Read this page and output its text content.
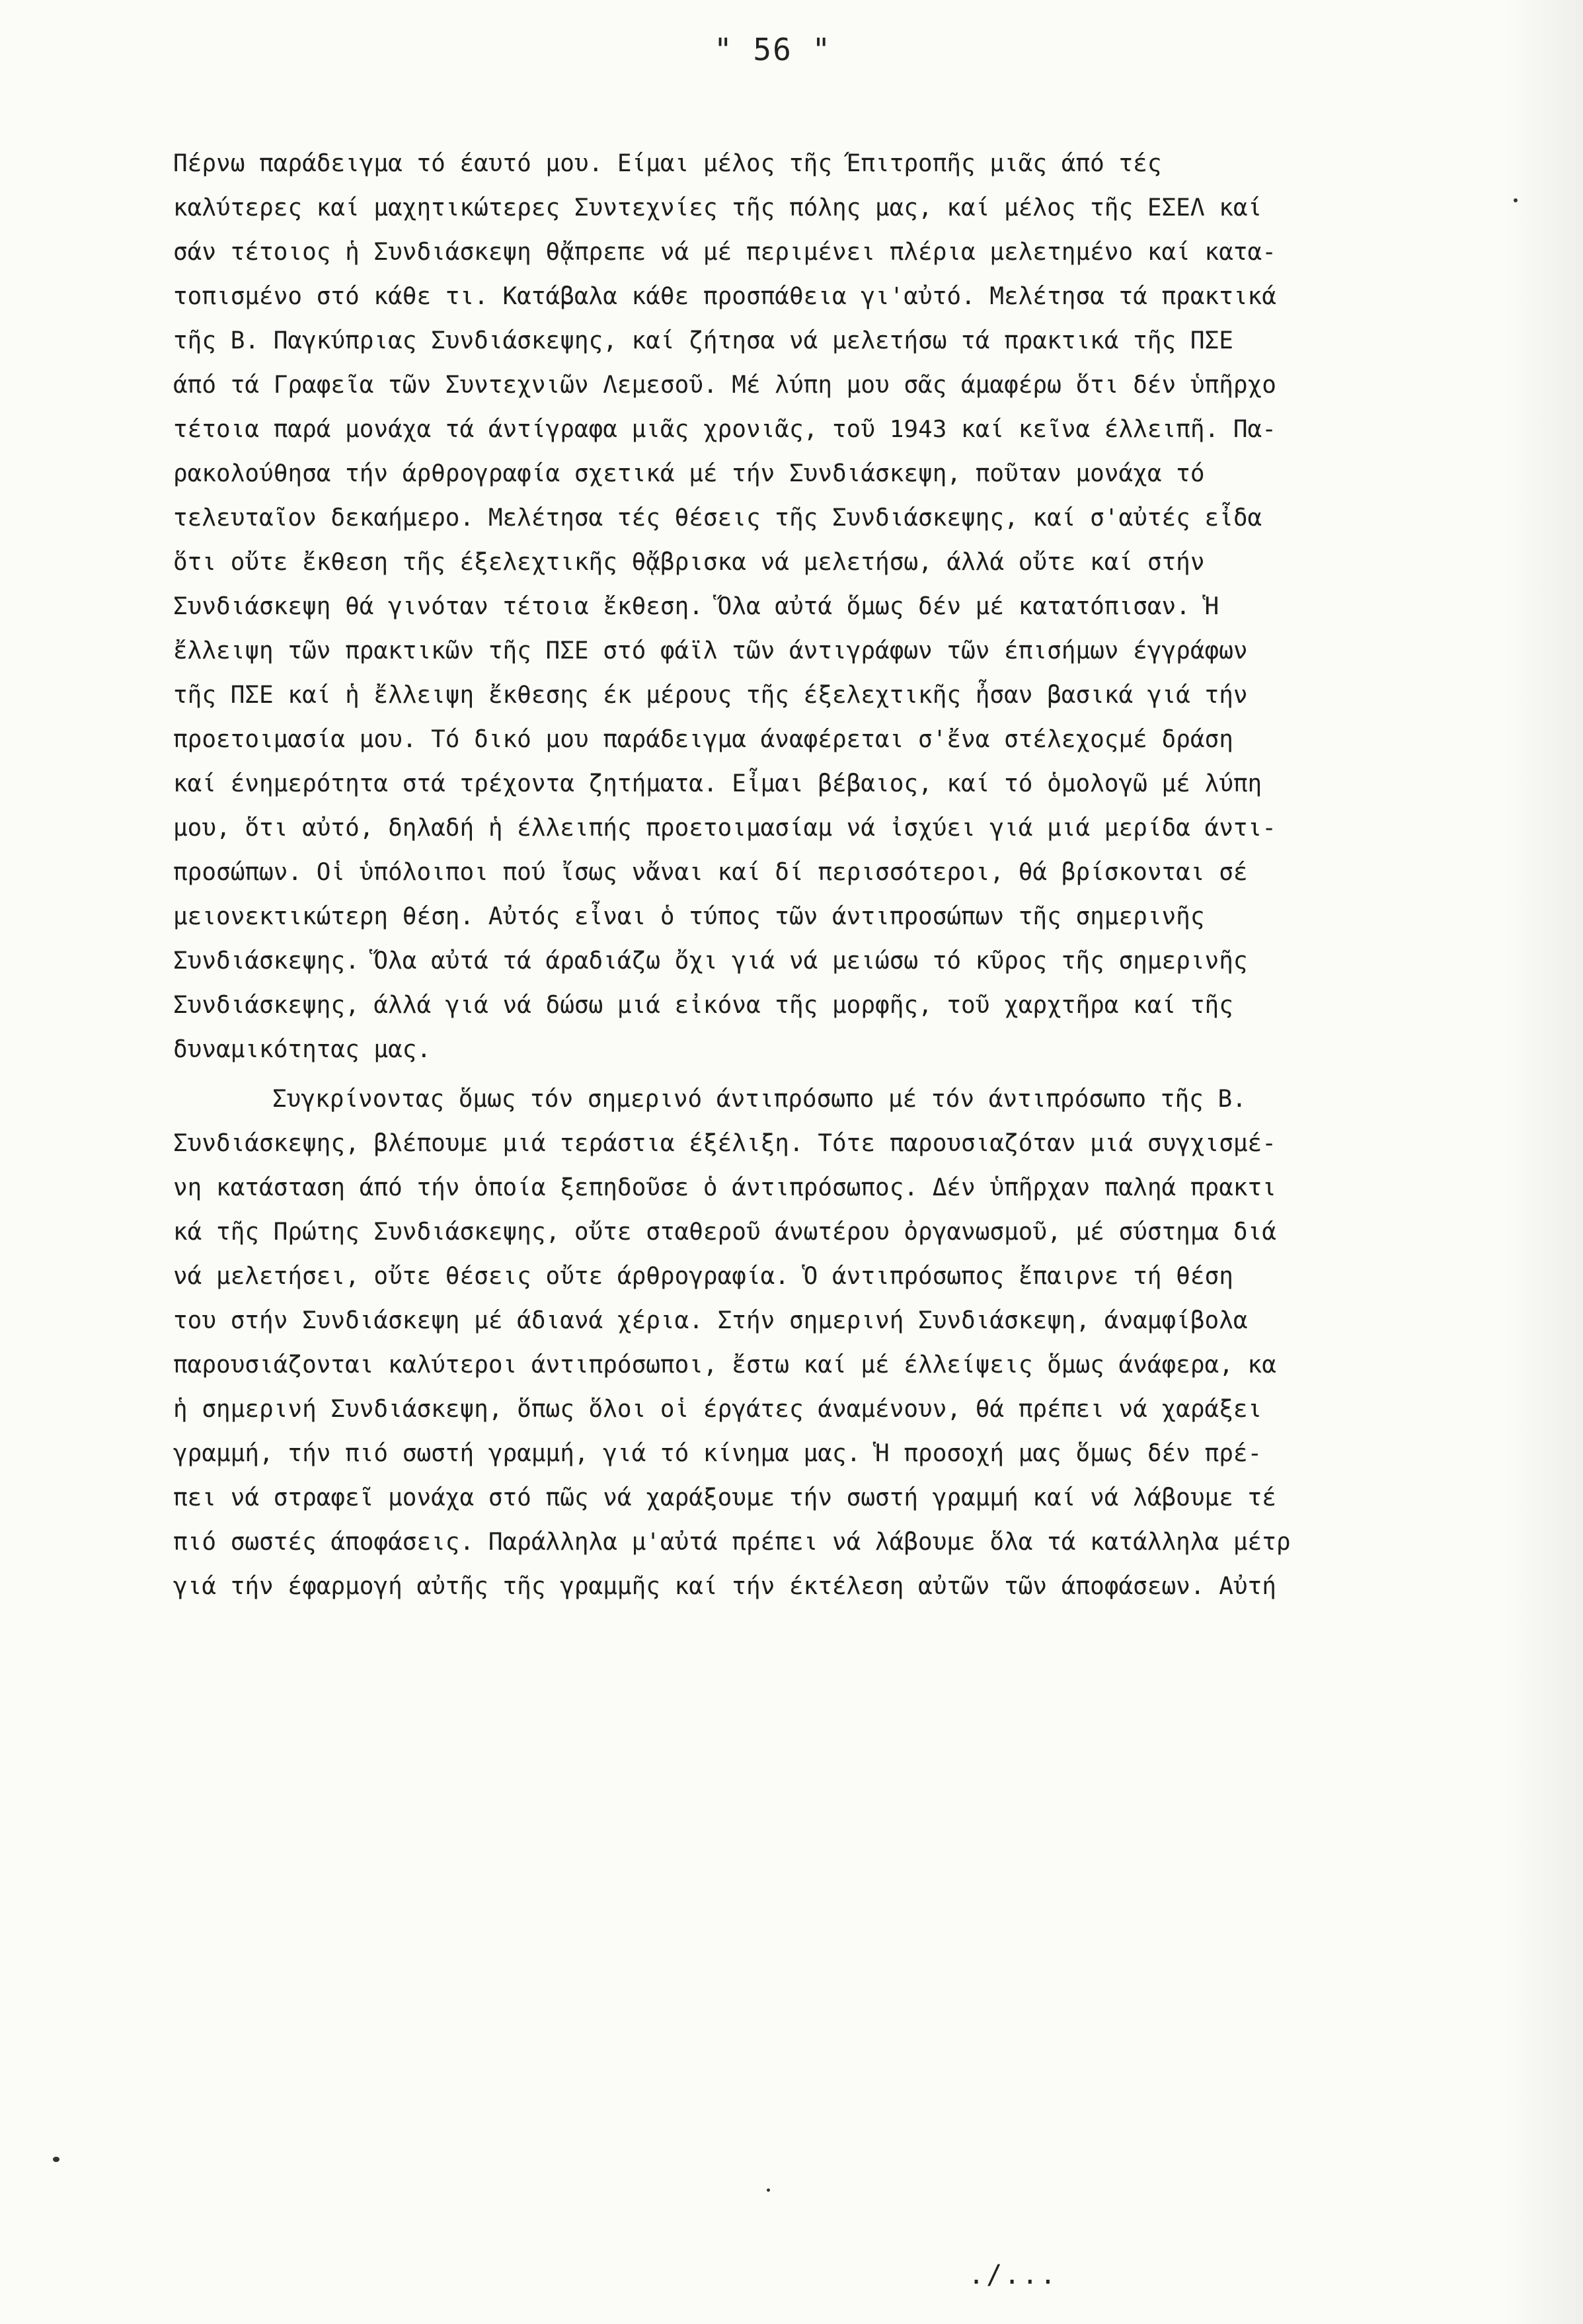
" 56 "
Πέρνω παράδειγμα τό έαυτό μου. Είμαι μέλος τῆς Έπιτροπῆς μιᾶς άπό τές
καλύτερες καί μαχητικώτερες Συντεχνίες τῆς πόλης μας, καί μέλος τῆς ΕΣΕΛ καί
σάν τέτοιος ἡ Συνδιάσκεψη θᾄπρεπε νά μέ περιμένει πλέρια μελετημένο καί κατα-
τοπισμένο στό κάθε τι. Κατάβαλα κάθε προσπάθεια γι'αὐτό. Μελέτησα τά πρακτικά
τῆς Β. Παγκύπριας Συνδιάσκεψης, καί ζήτησα νά μελετήσω τά πρακτικά τῆς ΠΣΕ
άπό τά Γραφεῖα τῶν Συντεχνιῶν Λεμεσοῦ. Μέ λύπη μου σᾶς άμαφέρω ὅτι δέν ὑπῆρχο
τέτοια παρά μονάχα τά άντίγραφα μιᾶς χρονιᾶς, τοῦ 1943 καί κεῖνα έλλειπῆ. Πα-
ρακολούθησα τήν άρθρογραφία σχετικά μέ τήν Συνδιάσκεψη, ποῦταν μονάχα τό
τελευταῖον δεκαήμερο. Μελέτησα τές θέσεις τῆς Συνδιάσκεψης, καί σ'αὐτές εἶδα
ὅτι οὔτε ἔκθεση τῆς έξελεχτικῆς θᾄβρισκα νά μελετήσω, άλλά οὔτε καί στήν
Συνδιάσκεψη θά γινόταν τέτοια ἔκθεση. Ὅλα αὐτά ὅμως δέν μέ κατατόπισαν. Ἡ
ἔλλειψη τῶν πρακτικῶν τῆς ΠΣΕ στό φάϊλ τῶν άντιγράφων τῶν έπισήμων έγγράφων
τῆς ΠΣΕ καί ἡ ἔλλειψη ἔκθεσης έκ μέρους τῆς έξελεχτικῆς ἦσαν βασικά γιά τήν
προετοιμασία μου. Τό δικό μου παράδειγμα άναφέρεται σ'ἔνα στέλεχοςμέ δράση
καί ένημερότητα στά τρέχοντα ζητήματα. Εἶμαι βέβαιος, καί τό ὁμολογῶ μέ λύπη
μου, ὅτι αὐτό, δηλαδή ἡ έλλειπής προετοιμασίαμ νά ἰσχύει γιά μιά μερίδα άντι-
προσώπων. Οἱ ὑπόλοιποι πού ἴσως νἄναι καί δί περισσότεροι, θά βρίσκονται σέ
μειονεκτικώτερη θέση. Αὐτός εἶναι ὁ τύπος τῶν άντιπροσώπων τῆς σημερινῆς
Συνδιάσκεψης. Ὅλα αὐτά τά άραδιάζω ὄχι γιά νά μειώσω τό κῦρος τῆς σημερινῆς
Συνδιάσκεψης, άλλά γιά νά δώσω μιά εἰκόνα τῆς μορφῆς, τοῦ χαρχτῆρα καί τῆς
δυναμικότητας μας.
Συγκρίνοντας ὅμως τόν σημερινό άντιπρόσωπο μέ τόν άντιπρόσωπο τῆς Β.
Συνδιάσκεψης, βλέπουμε μιά τεράστια έξέλιξη. Τότε παρουσιαζόταν μιά συγχισμέ-
νη κατάσταση άπό τήν ὁποία ξεπηδοῦσε ὁ άντιπρόσωπος. Δέν ὑπῆρχαν παληά πρακτι
κά τῆς Πρώτης Συνδιάσκεψης, οὔτε σταθεροῦ άνωτέρου ὀργανωσμοῦ, μέ σύστημα διά
νά μελετήσει, οὔτε θέσεις οὔτε άρθρογραφία. Ὁ άντιπρόσωπος ἔπαιρνε τή θέση
του στήν Συνδιάσκεψη μέ άδιανά χέρια. Στήν σημερινή Συνδιάσκεψη, άναμφίβολα
παρουσιάζονται καλύτεροι άντιπρόσωποι, ἔστω καί μέ έλλείψεις ὅμως άνάφερα, κα
ἡ σημερινή Συνδιάσκεψη, ὅπως ὅλοι οἱ έργάτες άναμένουν, θά πρέπει νά χαράξει
γραμμή, τήν πιό σωστή γραμμή, γιά τό κίνημα μας. Ἡ προσοχή μας ὅμως δέν πρέ-
πει νά στραφεῖ μονάχα στό πῶς νά χαράξουμε τήν σωστή γραμμή καί νά λάβουμε τέ
πιό σωστές άποφάσεις. Παράλληλα μ'αὐτά πρέπει νά λάβουμε ὅλα τά κατάλληλα μέτρ
γιά τήν έφαρμογή αὐτῆς τῆς γραμμῆς καί τήν έκτέλεση αὐτῶν τῶν άποφάσεων. Αὐτή
./...
